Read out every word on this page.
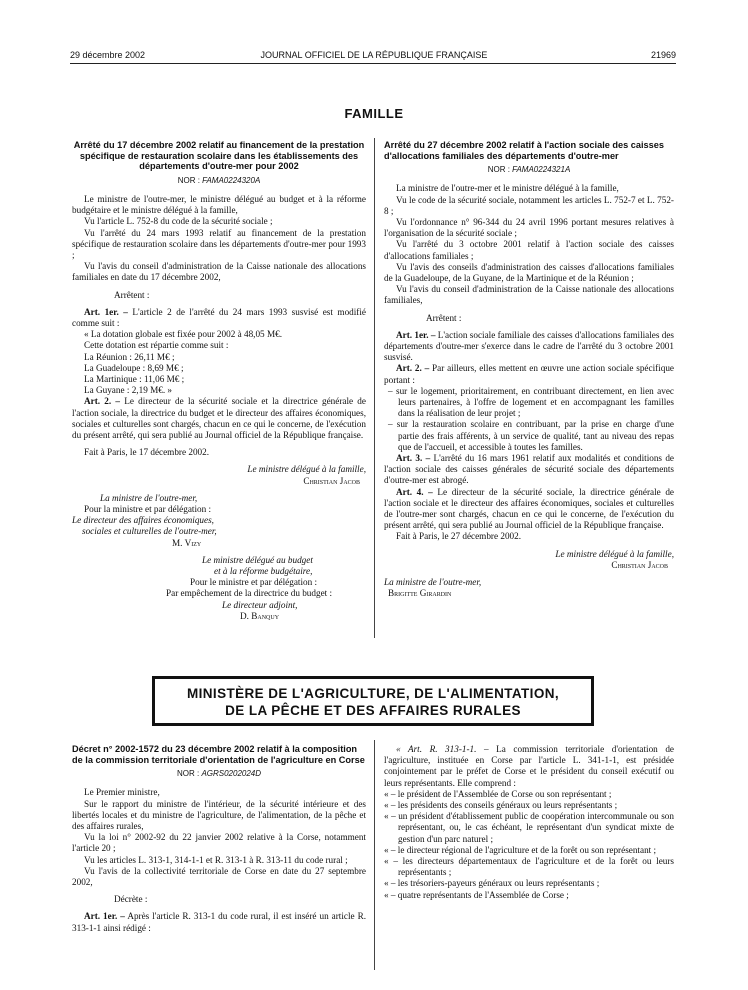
29 décembre 2002	JOURNAL OFFICIEL DE LA RÉPUBLIQUE FRANÇAISE	21969
FAMILLE

Arrêté du 17 décembre 2002 relatif au financement de la prestation spécifique de restauration scolaire dans les établissements des départements d'outre-mer pour 2002

NOR : FAMA0224320A

Le ministre de l'outre-mer, le ministre délégué au budget et à la réforme budgétaire et le ministre délégué à la famille,

Vu l'article L. 752-8 du code de la sécurité sociale ;

Vu l'arrêté du 24 mars 1993 relatif au financement de la prestation spécifique de restauration scolaire dans les départements d'outre-mer pour 1993 ;

Vu l'avis du conseil d'administration de la Caisse nationale des allocations familiales en date du 17 décembre 2002,

Arrêtent :

Art. 1er. – L'article 2 de l'arrêté du 24 mars 1993 susvisé est modifié comme suit :

« La dotation globale est fixée pour 2002 à 48,05 M€.

Cette dotation est répartie comme suit :

La Réunion : 26,11 M€ ;

La Guadeloupe : 8,69 M€ ;

La Martinique : 11,06 M€ ;

La Guyane : 2,19 M€. »

Art. 2. – Le directeur de la sécurité sociale et la directrice générale de l'action sociale, la directrice du budget et le directeur des affaires économiques, sociales et culturelles sont chargés, chacun en ce qui le concerne, de l'exécution du présent arrêté, qui sera publié au Journal officiel de la République française.

Fait à Paris, le 17 décembre 2002.

Le ministre délégué à la famille,

Christian Jacob

La ministre de l'outre-mer,

Pour la ministre et par délégation :

Le directeur des affaires économiques,

sociales et culturelles de l'outre-mer,

M. Vizy

Le ministre délégué au budget

et à la réforme budgétaire,

Pour le ministre et par délégation :

Par empêchement de la directrice du budget :

Le directeur adjoint,

D. Banquy

Arrêté du 27 décembre 2002 relatif à l'action sociale des caisses d'allocations familiales des départements d'outre-mer

NOR : FAMA0224321A

La ministre de l'outre-mer et le ministre délégué à la famille,

Vu le code de la sécurité sociale, notamment les articles L. 752-7 et L. 752-8 ;

Vu l'ordonnance n° 96-344 du 24 avril 1996 portant mesures relatives à l'organisation de la sécurité sociale ;

Vu l'arrêté du 3 octobre 2001 relatif à l'action sociale des caisses d'allocations familiales ;

Vu l'avis des conseils d'administration des caisses d'allocations familiales de la Guadeloupe, de la Guyane, de la Martinique et de la Réunion ;

Vu l'avis du conseil d'administration de la Caisse nationale des allocations familiales,

Arrêtent :

Art. 1er. – L'action sociale familiale des caisses d'allocations familiales des départements d'outre-mer s'exerce dans le cadre de l'arrêté du 3 octobre 2001 susvisé.

Art. 2. – Par ailleurs, elles mettent en œuvre une action sociale spécifique portant :

– sur le logement, prioritairement, en contribuant directement, en lien avec leurs partenaires, à l'offre de logement et en accompagnant les familles dans la réalisation de leur projet ;

– sur la restauration scolaire en contribuant, par la prise en charge d'une partie des frais afférents, à un service de qualité, tant au niveau des repas que de l'accueil, et accessible à toutes les familles.

Art. 3. – L'arrêté du 16 mars 1961 relatif aux modalités et conditions de l'action sociale des caisses générales de sécurité sociale des départements d'outre-mer est abrogé.

Art. 4. – Le directeur de la sécurité sociale, la directrice générale de l'action sociale et le directeur des affaires économiques, sociales et culturelles de l'outre-mer sont chargés, chacun en ce qui le concerne, de l'exécution du présent arrêté, qui sera publié au Journal officiel de la République française.

Fait à Paris, le 27 décembre 2002.

Le ministre délégué à la famille,

Christian Jacob

La ministre de l'outre-mer,

Brigitte Girardin

MINISTÈRE DE L'AGRICULTURE, DE L'ALIMENTATION,
DE LA PÊCHE ET DES AFFAIRES RURALES

Décret n° 2002-1572 du 23 décembre 2002 relatif à la composition de la commission territoriale d'orientation de l'agriculture en Corse

NOR : AGRS0202024D

Le Premier ministre,

Sur le rapport du ministre de l'intérieur, de la sécurité intérieure et des libertés locales et du ministre de l'agriculture, de l'alimentation, de la pêche et des affaires rurales,

Vu la loi n° 2002-92 du 22 janvier 2002 relative à la Corse, notamment l'article 20 ;

Vu les articles L. 313-1, 314-1-1 et R. 313-1 à R. 313-11 du code rural ;

Vu l'avis de la collectivité territoriale de Corse en date du 27 septembre 2002,

Décrète :

Art. 1er. – Après l'article R. 313-1 du code rural, il est inséré un article R. 313-1-1 ainsi rédigé :

« Art. R. 313-1-1. – La commission territoriale d'orientation de l'agriculture, instituée en Corse par l'article L. 341-1-1, est présidée conjointement par le préfet de Corse et le président du conseil exécutif ou leurs représentants. Elle comprend :

« – le président de l'Assemblée de Corse ou son représentant ;

« – les présidents des conseils généraux ou leurs représentants ;

« – un président d'établissement public de coopération intercommunale ou son représentant, ou, le cas échéant, le représentant d'un syndicat mixte de gestion d'un parc naturel ;

« – le directeur régional de l'agriculture et de la forêt ou son représentant ;

« – les directeurs départementaux de l'agriculture et de la forêt ou leurs représentants ;

« – les trésoriers-payeurs généraux ou leurs représentants ;

« – quatre représentants de l'Assemblée de Corse ;
